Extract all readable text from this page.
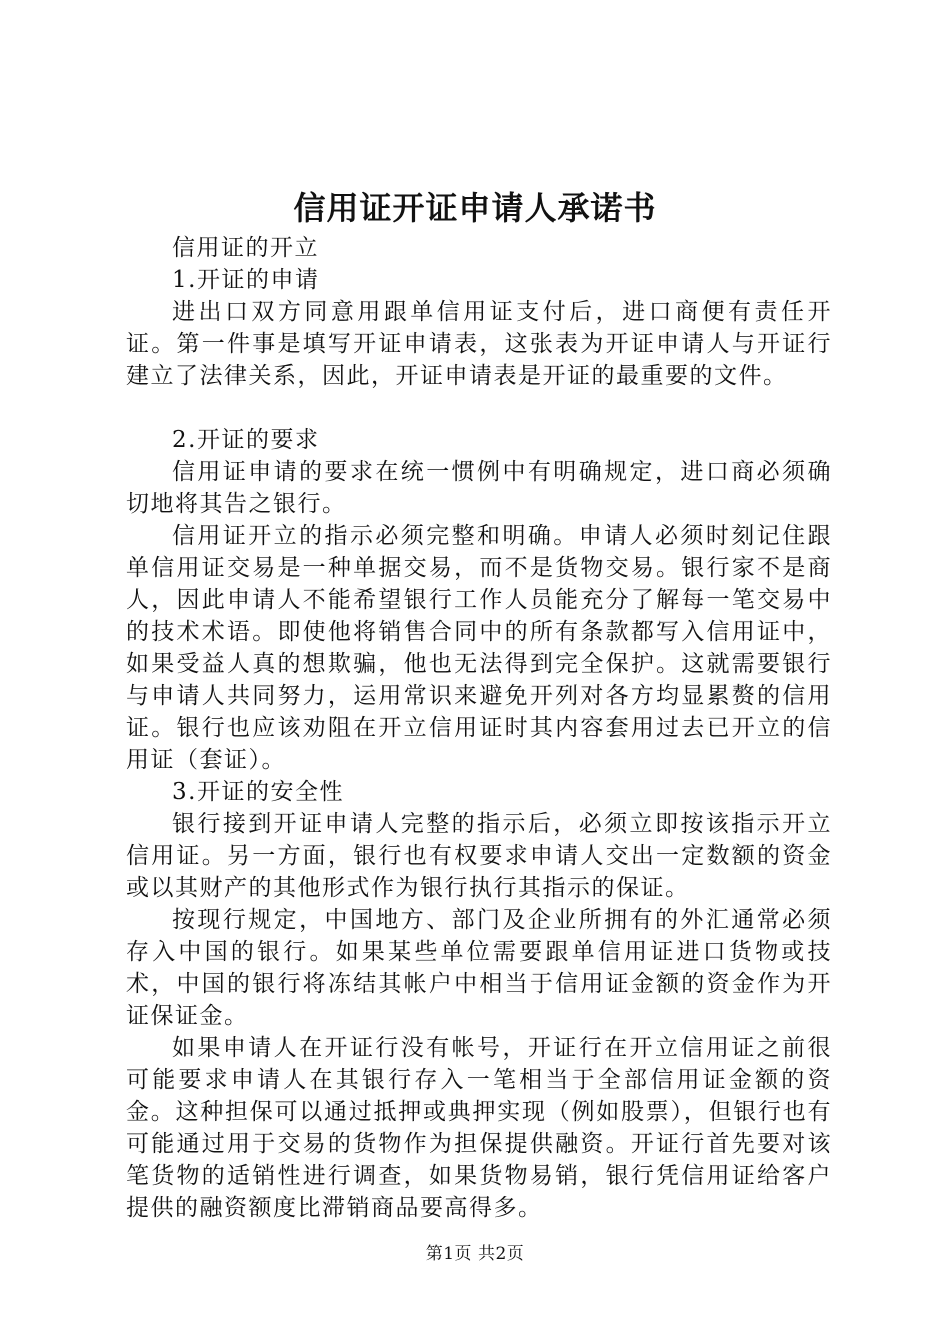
信用证开证申请人承诺书

信用证的开立

1.开证的申请

进出口双方同意用跟单信用证支付后，进口商便有责任开证。第一件事是填写开证申请表，这张表为开证申请人与开证行建立了法律关系，因此，开证申请表是开证的最重要的文件。

2.开证的要求

信用证申请的要求在统一惯例中有明确规定，进口商必须确切地将其告之银行。

信用证开立的指示必须完整和明确。申请人必须时刻记住跟单信用证交易是一种单据交易，而不是货物交易。银行家不是商人，因此申请人不能希望银行工作人员能充分了解每一笔交易中的技术术语。即使他将销售合同中的所有条款都写入信用证中，如果受益人真的想欺骗，他也无法得到完全保护。这就需要银行与申请人共同努力，运用常识来避免开列对各方均显累赘的信用证。银行也应该劝阻在开立信用证时其内容套用过去已开立的信用证（套证）。

3.开证的安全性

银行接到开证申请人完整的指示后，必须立即按该指示开立信用证。另一方面，银行也有权要求申请人交出一定数额的资金或以其财产的其他形式作为银行执行其指示的保证。

按现行规定，中国地方、部门及企业所拥有的外汇通常必须存入中国的银行。如果某些单位需要跟单信用证进口货物或技术，中国的银行将冻结其帐户中相当于信用证金额的资金作为开证保证金。

如果申请人在开证行没有帐号，开证行在开立信用证之前很可能要求申请人在其银行存入一笔相当于全部信用证金额的资金。这种担保可以通过抵押或典押实现（例如股票），但银行也有可能通过用于交易的货物作为担保提供融资。开证行首先要对该笔货物的适销性进行调查，如果货物易销，银行凭信用证给客户提供的融资额度比滞销商品要高得多。

第1页 共2页
